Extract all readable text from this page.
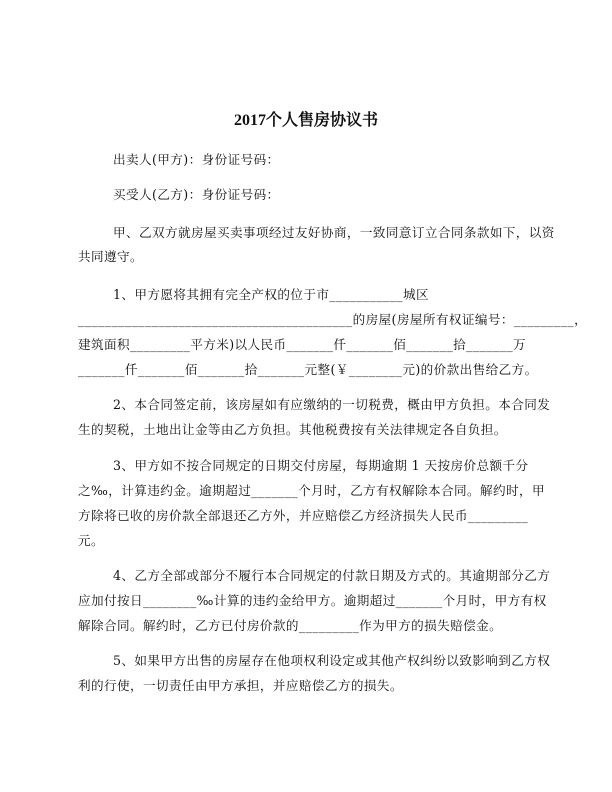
2017个人售房协议书
出卖人(甲方)：身份证号码：
买受人(乙方)：身份证号码：
甲、乙双方就房屋买卖事项经过友好协商，一致同意订立合同条款如下，以资
共同遵守。
1、甲方愿将其拥有完全产权的位于市___________城区
_________________________________________的房屋(房屋所有权证编号：_________，
建筑面积_________平方米)以人民币_______仟_______佰_______拾_______万
_______仟_______佰_______拾_______元整(￥________元)的价款出售给乙方。
2、本合同签定前，该房屋如有应缴纳的一切税费，概由甲方负担。本合同发
生的契税，土地出让金等由乙方负担。其他税费按有关法律规定各自负担。
3、甲方如不按合同规定的日期交付房屋，每期逾期 1 天按房价总额千分
之‰，计算违约金。逾期超过_______个月时，乙方有权解除本合同。解约时，甲
方除将已收的房价款全部退还乙方外，并应赔偿乙方经济损失人民币_________
元。
4、乙方全部或部分不履行本合同规定的付款日期及方式的。其逾期部分乙方
应加付按日________‰计算的违约金给甲方。逾期超过_______个月时，甲方有权
解除合同。解约时，乙方已付房价款的_________作为甲方的损失赔偿金。
5、如果甲方出售的房屋存在他项权利设定或其他产权纠纷以致影响到乙方权
利的行使，一切责任由甲方承担，并应赔偿乙方的损失。
